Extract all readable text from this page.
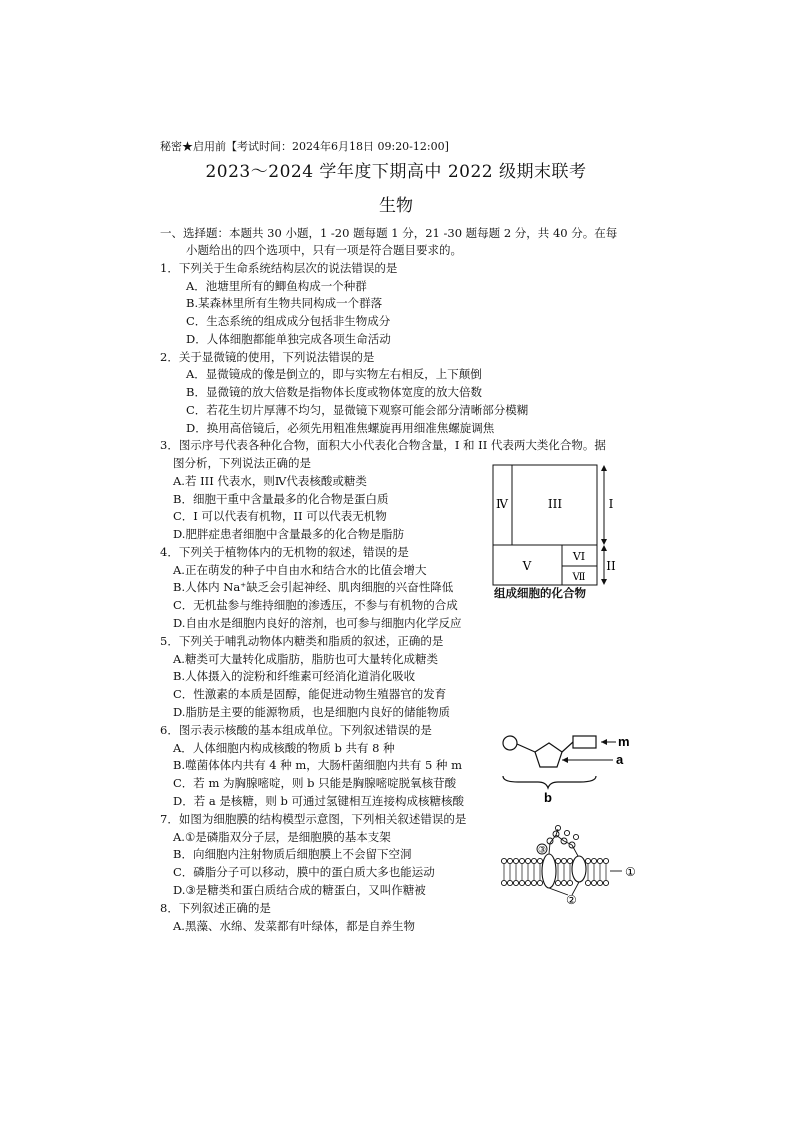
秘密★启用前【考试时间：2024年6月18日 09:20-12:00]
2023～2024 学年度下期高中 2022 级期末联考
生物
一、选择题：本题共 30 小题，1 -20 题每题 1 分，21 -30 题每题 2 分，共 40 分。在每
小题给出的四个选项中，只有一项是符合题目要求的。
1．下列关于生命系统结构层次的说法错误的是
A．池塘里所有的鲫鱼构成一个种群
B.某森林里所有生物共同构成一个群落
C．生态系统的组成成分包括非生物成分
D．人体细胞都能单独完成各项生命活动
2．关于显微镜的使用，下列说法错误的是
A．显微镜成的像是倒立的，即与实物左右相反，上下颠倒
B．显微镜的放大倍数是指物体长度或物体宽度的放大倍数
C．若花生切片厚薄不均匀，显微镜下观察可能会部分清晰部分模糊
D．换用高倍镜后，必须先用粗准焦螺旋再用细准焦螺旋调焦
3．图示序号代表各种化合物，面积大小代表化合物含量，I 和 II 代表两大类化合物。据
图分析，下列说法正确的是
A.若 III 代表水，则Ⅳ代表核酸或糖类
B．细胞干重中含量最多的化合物是蛋白质
C．I 可以代表有机物，II 可以代表无机物
D.肥胖症患者细胞中含量最多的化合物是脂肪
4．下列关于植物体内的无机物的叙述，错误的是
A.正在萌发的种子中自由水和结合水的比值会增大
B.人体内 Na⁺缺乏会引起神经、肌肉细胞的兴奋性降低
C．无机盐参与维持细胞的渗透压，不参与有机物的合成
D.自由水是细胞内良好的溶剂，也可参与细胞内化学反应
5．下列关于哺乳动物体内糖类和脂质的叙述，正确的是
A.糖类可大量转化成脂肪，脂肪也可大量转化成糖类
B.人体摄入的淀粉和纤维素可经消化道消化吸收
C．性激素的本质是固醇，能促进动物生殖器官的发育
D.脂肪是主要的能源物质，也是细胞内良好的储能物质
6．图示表示核酸的基本组成单位。下列叙述错误的是
A．人体细胞内构成核酸的物质 b 共有 8 种
B.噬菌体体内共有 4 种 m，大肠杆菌细胞内共有 5 种 m
C．若 m 为胸腺嘧啶，则 b 只能是胸腺嘧啶脱氧核苷酸
D．若 a 是核糖，则 b 可通过氢键相互连接构成核糖核酸
7．如图为细胞膜的结构模型示意图，下列相关叙述错误的是
A.①是磷脂双分子层，是细胞膜的基本支架
B．向细胞内注射物质后细胞膜上不会留下空洞
C．磷脂分子可以移动，膜中的蛋白质大多也能运动
D.③是糖类和蛋白质结合成的糖蛋白，又叫作糖被
8．下列叙述正确的是
A.黑藻、水绵、发菜都有叶绿体，都是自养生物
Ⅳ	III	I
V
VI
Ⅶ
II
组成细胞的化合物
m
a
b
③
①
②
